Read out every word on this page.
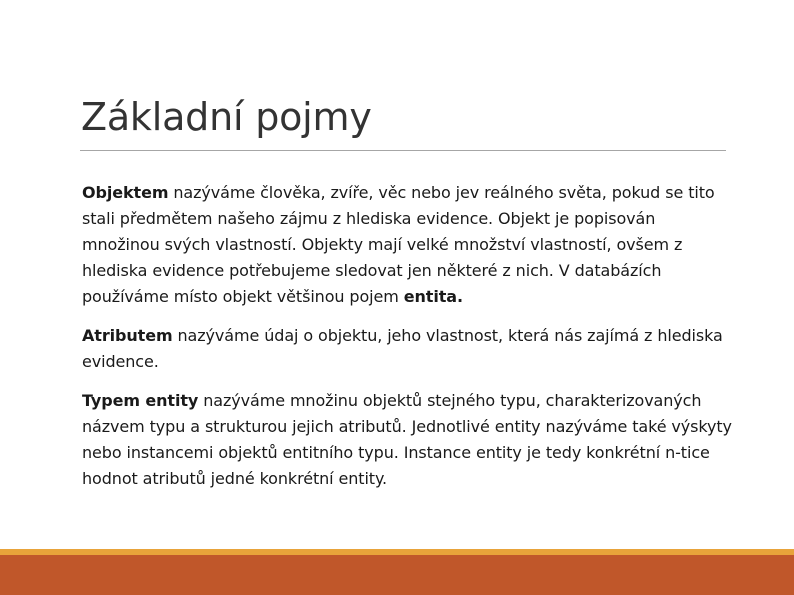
Základní pojmy

Objektem nazýváme člověka, zvíře, věc nebo jev reálného světa, pokud se tito stali předmětem našeho zájmu z hlediska evidence. Objekt je popisován množinou svých vlastností. Objekty mají velké množství vlastností, ovšem z hlediska evidence potřebujeme sledovat jen některé z nich. V databázích používáme místo objekt většinou pojem entita.

Atributem nazýváme údaj o objektu, jeho vlastnost, která nás zajímá z hlediska evidence.

Typem entity nazýváme množinu objektů stejného typu, charakterizovaných názvem typu a strukturou jejich atributů. Jednotlivé entity nazýváme také výskyty nebo instancemi objektů entitního typu. Instance entity je tedy konkrétní n-tice hodnot atributů jedné konkrétní entity.
